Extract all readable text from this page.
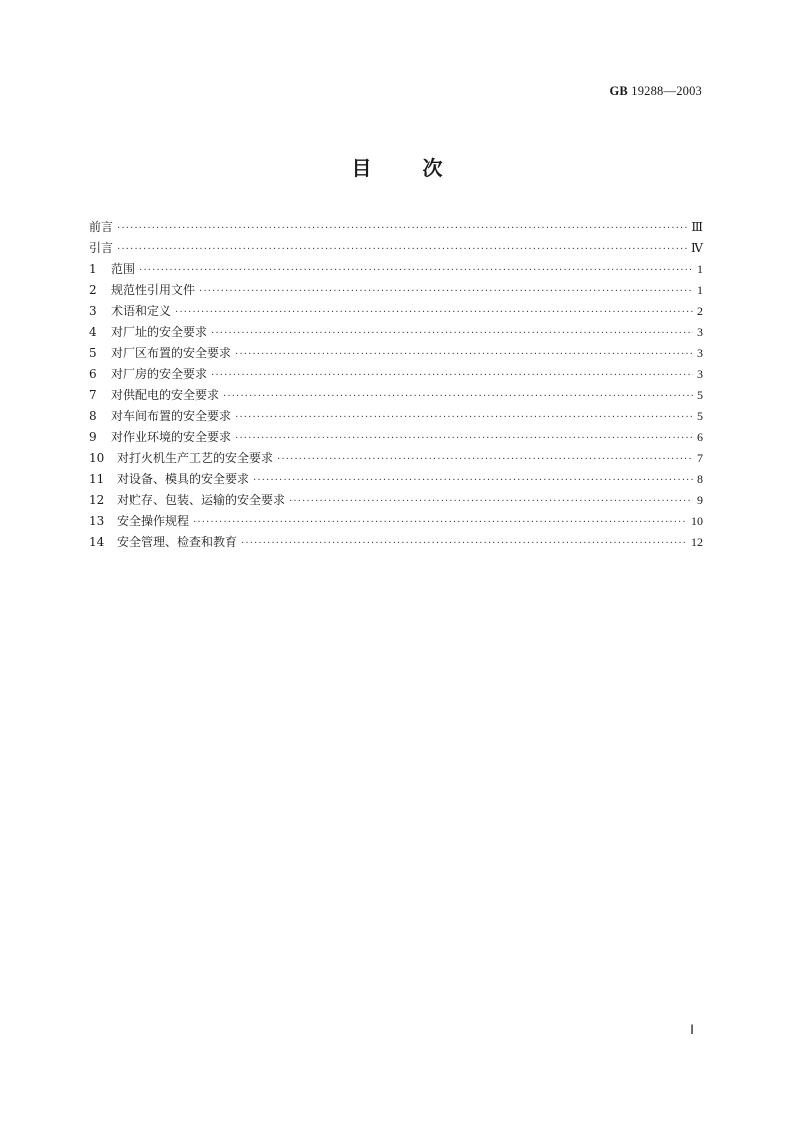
GB 19288—2003
目	次
前言 ·····	Ⅲ
引言 ·····	Ⅳ
1	范围 ·····	1
2	规范性引用文件 ·····	1
3	术语和定义 ·····	2
4	对厂址的安全要求 ·····	3
5	对厂区布置的安全要求 ·····	3
6	对厂房的安全要求 ·····	3
7	对供配电的安全要求 ·····	5
8	对车间布置的安全要求 ·····	5
9	对作业环境的安全要求 ·····	6
10	对打火机生产工艺的安全要求 ·····	7
11	对设备、模具的安全要求 ·····	8
12	对贮存、包装、运输的安全要求 ·····	9
13	安全操作规程 ·····	10
14	安全管理、检查和教育 ·····	12
Ⅰ
